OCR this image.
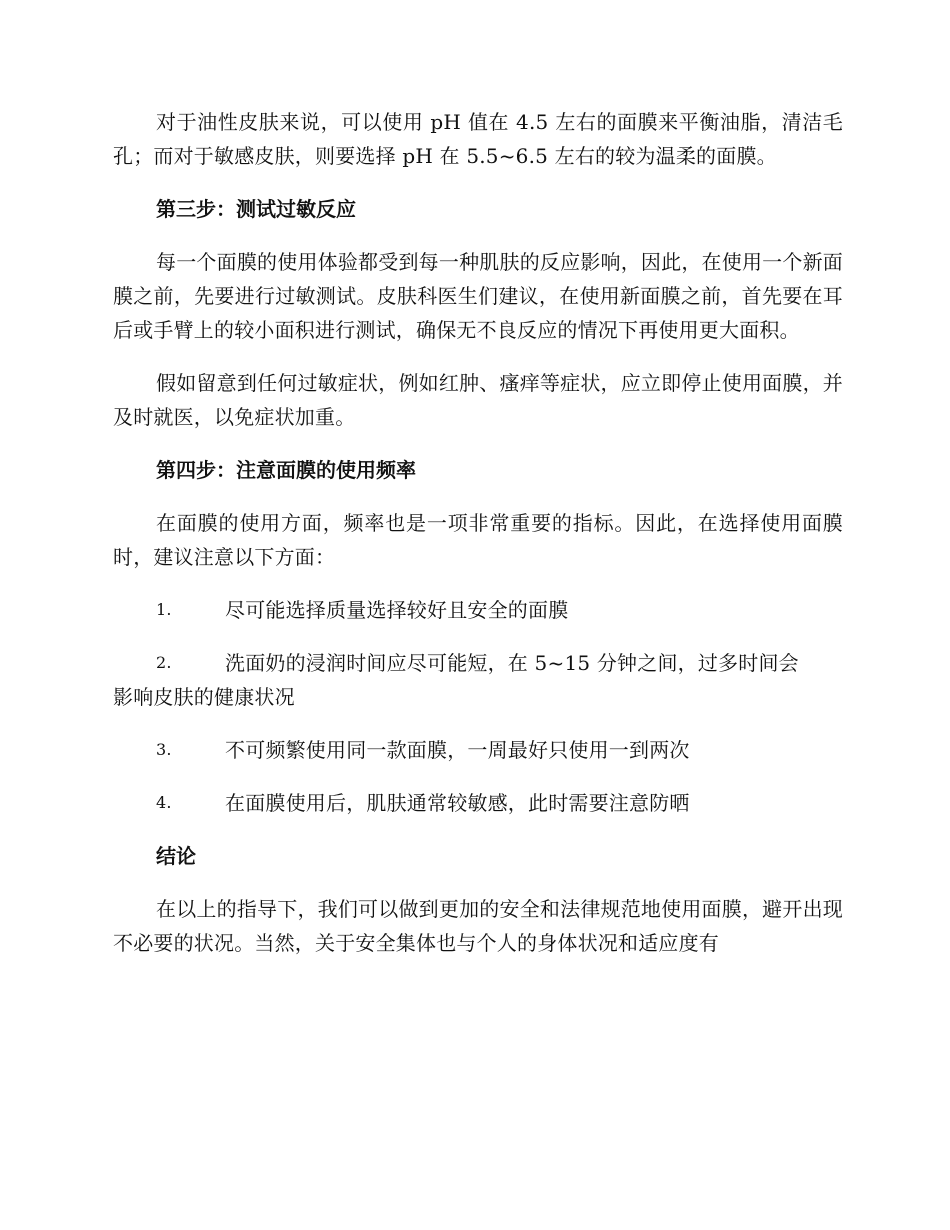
对于油性皮肤来说，可以使用 pH 值在 4.5 左右的面膜来平衡油脂，清洁毛孔；而对于敏感皮肤，则要选择 pH 在 5.5~6.5 左右的较为温柔的面膜。

第三步：测试过敏反应

每一个面膜的使用体验都受到每一种肌肤的反应影响，因此，在使用一个新面膜之前，先要进行过敏测试。皮肤科医生们建议，在使用新面膜之前，首先要在耳后或手臂上的较小面积进行测试，确保无不良反应的情况下再使用更大面积。

假如留意到任何过敏症状，例如红肿、瘙痒等症状，应立即停止使用面膜，并及时就医，以免症状加重。

第四步：注意面膜的使用频率

在面膜的使用方面，频率也是一项非常重要的指标。因此，在选择使用面膜时，建议注意以下方面：

1.	尽可能选择质量选择较好且安全的面膜
2.	洗面奶的浸润时间应尽可能短，在 5~15 分钟之间，过多时间会
影响皮肤的健康状况
3.	不可频繁使用同一款面膜，一周最好只使用一到两次
4.	在面膜使用后，肌肤通常较敏感，此时需要注意防晒

结论

在以上的指导下，我们可以做到更加的安全和法律规范地使用面膜，避开出现不必要的状况。当然，关于安全集体也与个人的身体状况和适应度有
